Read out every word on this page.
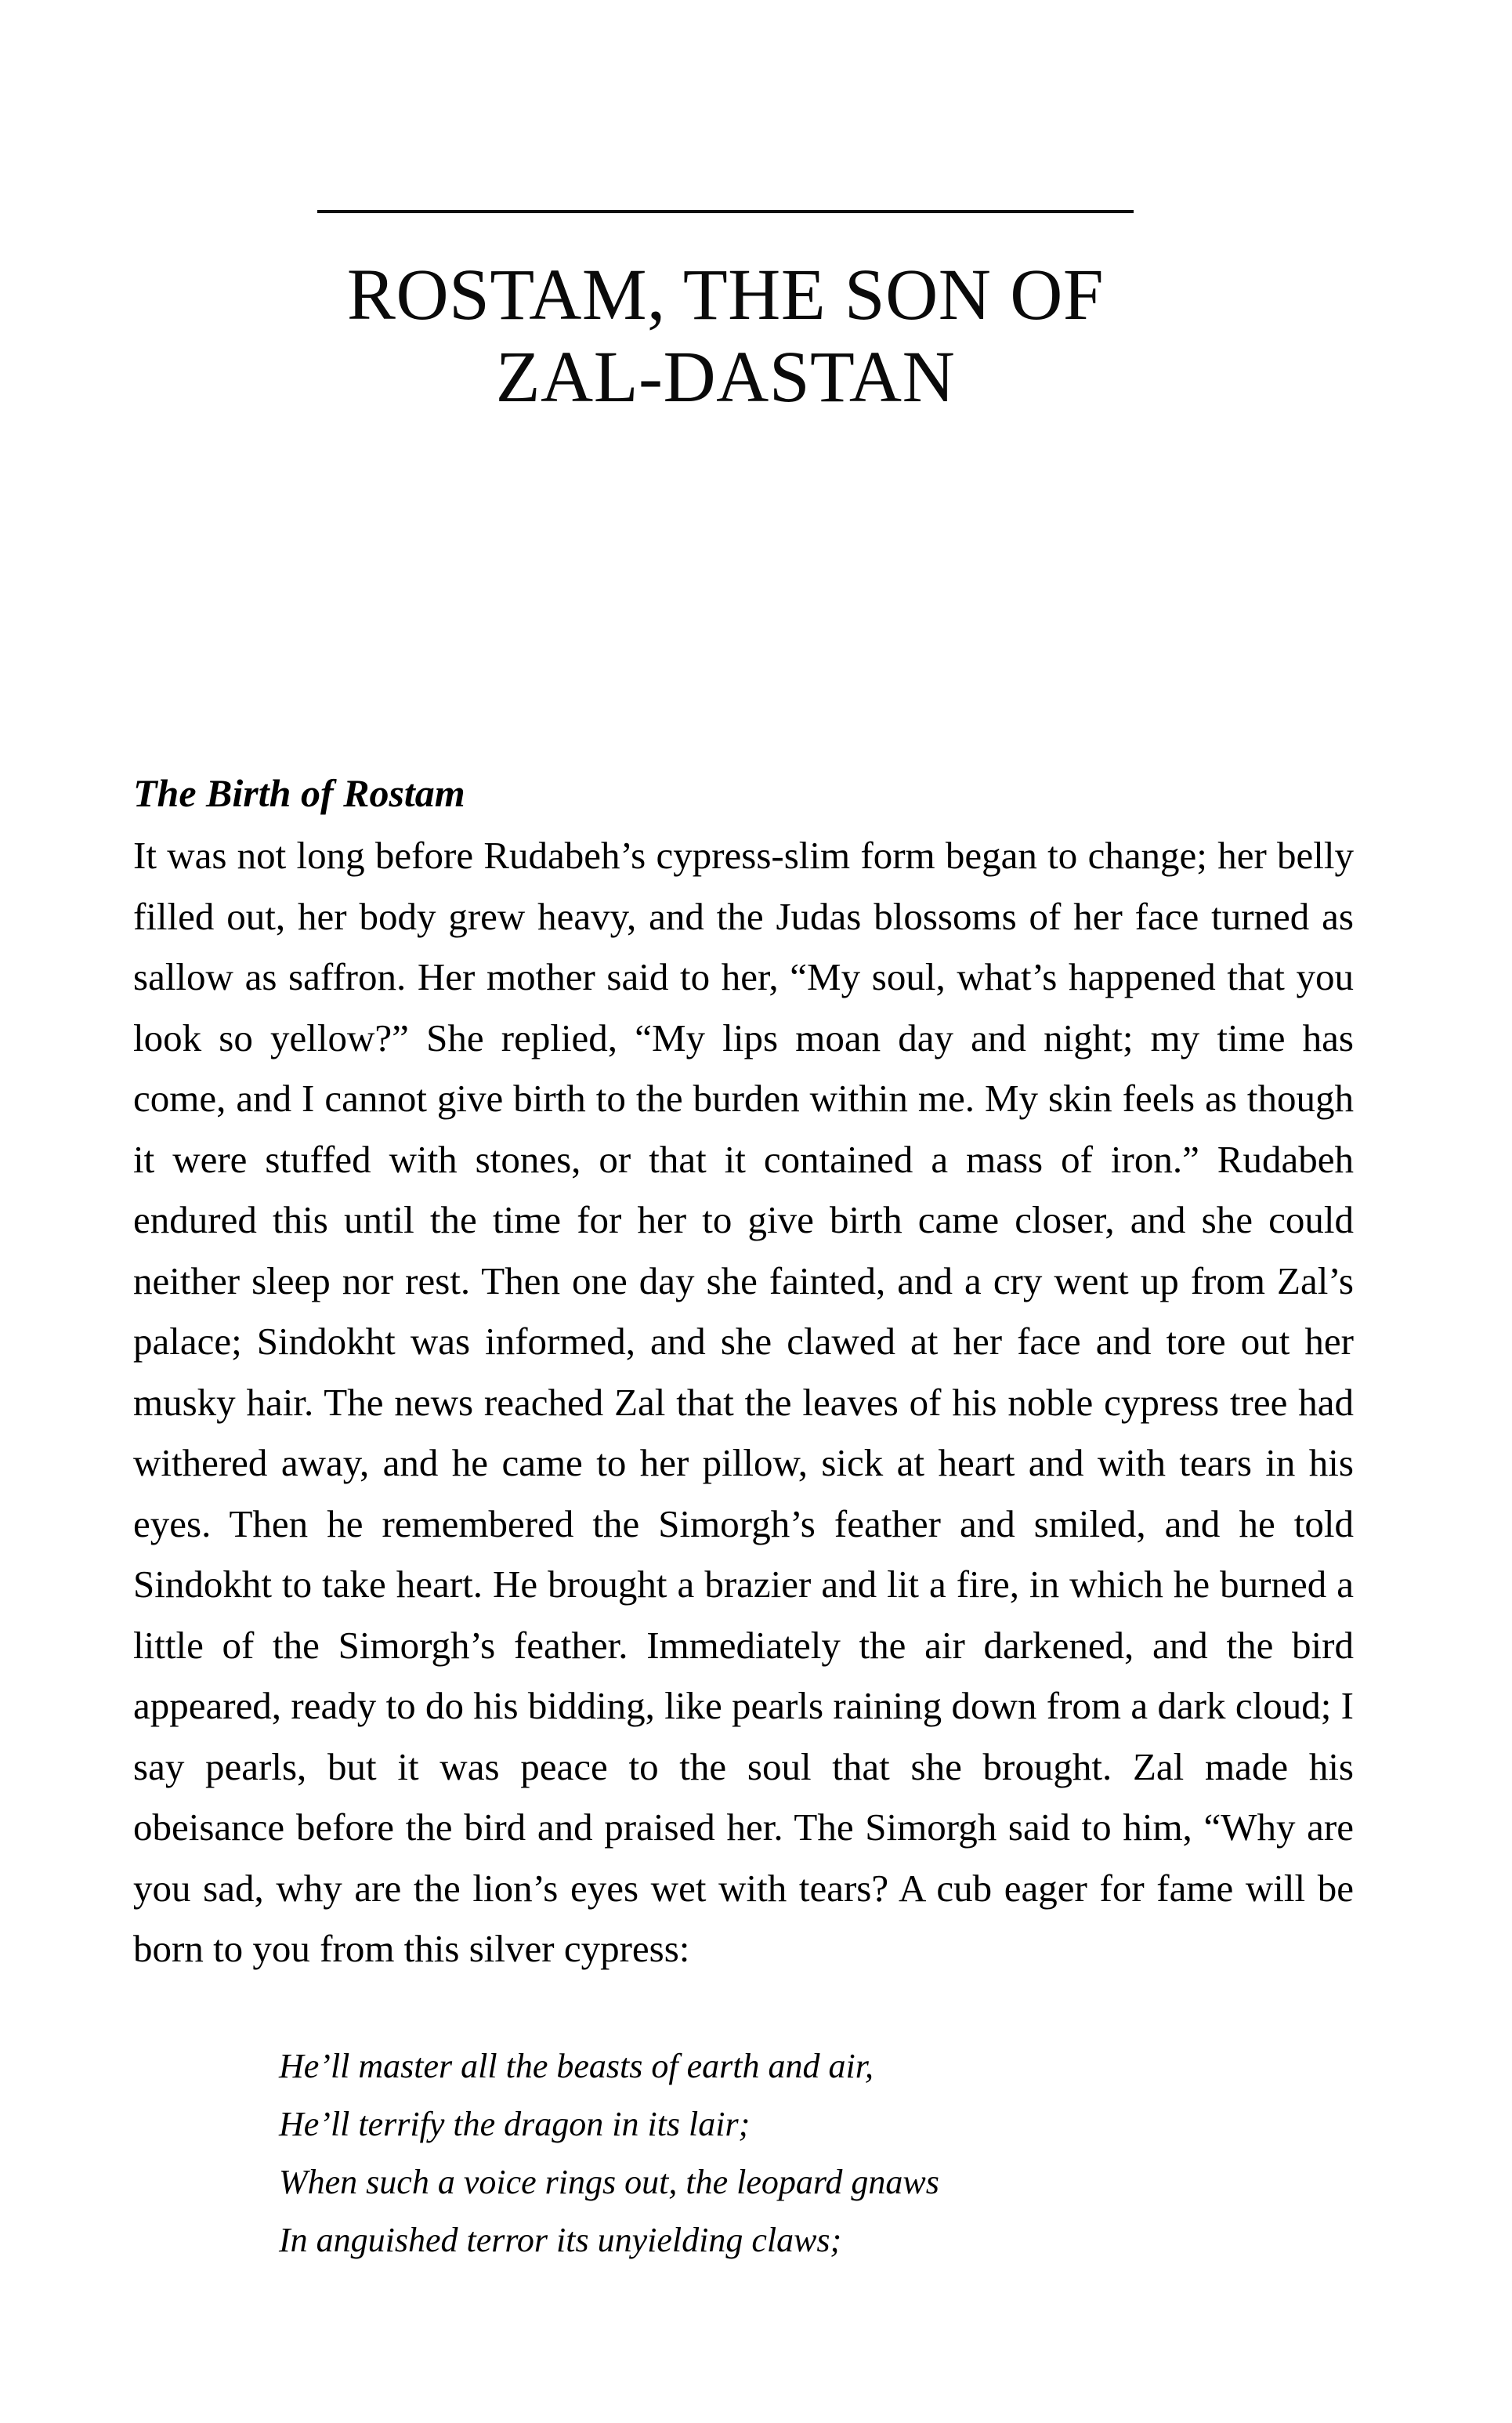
ROSTAM, THE SON OF
ZAL-DASTAN
The Birth of Rostam

It was not long before Rudabeh’s cypress-slim form began to change; her belly filled out, her body grew heavy, and the Judas blossoms of her face turned as sallow as saffron. Her mother said to her, “My soul, what’s happened that you look so yellow?” She replied, “My lips moan day and night; my time has come, and I cannot give birth to the burden within me. My skin feels as though it were stuffed with stones, or that it contained a mass of iron.” Rudabeh endured this until the time for her to give birth came closer, and she could neither sleep nor rest. Then one day she fainted, and a cry went up from Zal’s palace; Sindokht was informed, and she clawed at her face and tore out her musky hair. The news reached Zal that the leaves of his noble cypress tree had withered away, and he came to her pillow, sick at heart and with tears in his eyes. Then he remembered the Simorgh’s feather and smiled, and he told Sindokht to take heart. He brought a brazier and lit a fire, in which he burned a little of the Simorgh’s feather. Immediately the air darkened, and the bird appeared, ready to do his bidding, like pearls raining down from a dark cloud; I say pearls, but it was peace to the soul that she brought. Zal made his obeisance before the bird and praised her. The Simorgh said to him, “Why are you sad, why are the lion’s eyes wet with tears? A cub eager for fame will be born to you from this silver cypress:

He’ll master all the beasts of earth and air,
He’ll terrify the dragon in its lair;
When such a voice rings out, the leopard gnaws
In anguished terror its unyielding claws;
